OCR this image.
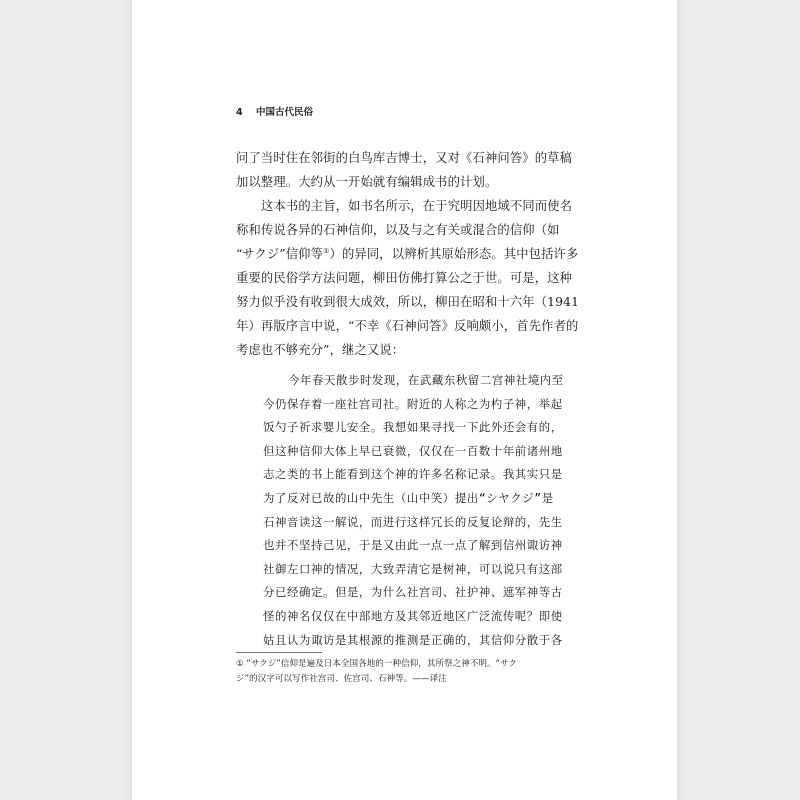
4 中国古代民俗
问了当时住在邻街的白鸟库吉博士，又对《石神问答》的草稿
加以整理。大约从一开始就有编辑成书的计划。
这本书的主旨，如书名所示，在于究明因地域不同而使名
称和传说各异的石神信仰，以及与之有关或混合的信仰（如
“サクジ”信仰等①）的异同，以辨析其原始形态。其中包括许多
重要的民俗学方法问题，柳田仿佛打算公之于世。可是，这种
努力似乎没有收到很大成效，所以，柳田在昭和十六年（1941
年）再版序言中说，“不幸《石神问答》反响颇小，首先作者的
考虑也不够充分”，继之又说：
今年春天散步时发现，在武藏东秋留二宫神社境内至
今仍保存着一座社宫司社。附近的人称之为杓子神，举起
饭勺子祈求婴儿安全。我想如果寻找一下此外还会有的，
但这种信仰大体上早已衰微，仅仅在一百数十年前诸州地
志之类的书上能看到这个神的许多名称记录。我其实只是
为了反对已故的山中先生（山中笑）提出“シヤクジ”是
石神音读这一解说，而进行这样冗长的反复论辩的，先生
也并不坚持己见，于是又由此一点一点了解到信州诹访神
社御左口神的情况，大致弄清它是树神，可以说只有这部
分已经确定。但是，为什么社宫司、社护神、遮军神等古
怪的神名仅仅在中部地方及其邻近地区广泛流传呢？即使
姑且认为诹访是其根源的推测是正确的，其信仰分散于各
① “サクジ”信仰是遍及日本全国各地的一种信仰，其所祭之神不明。“サク
ジ”的汉字可以写作社宫司、佐宫司、石神等。——译注
